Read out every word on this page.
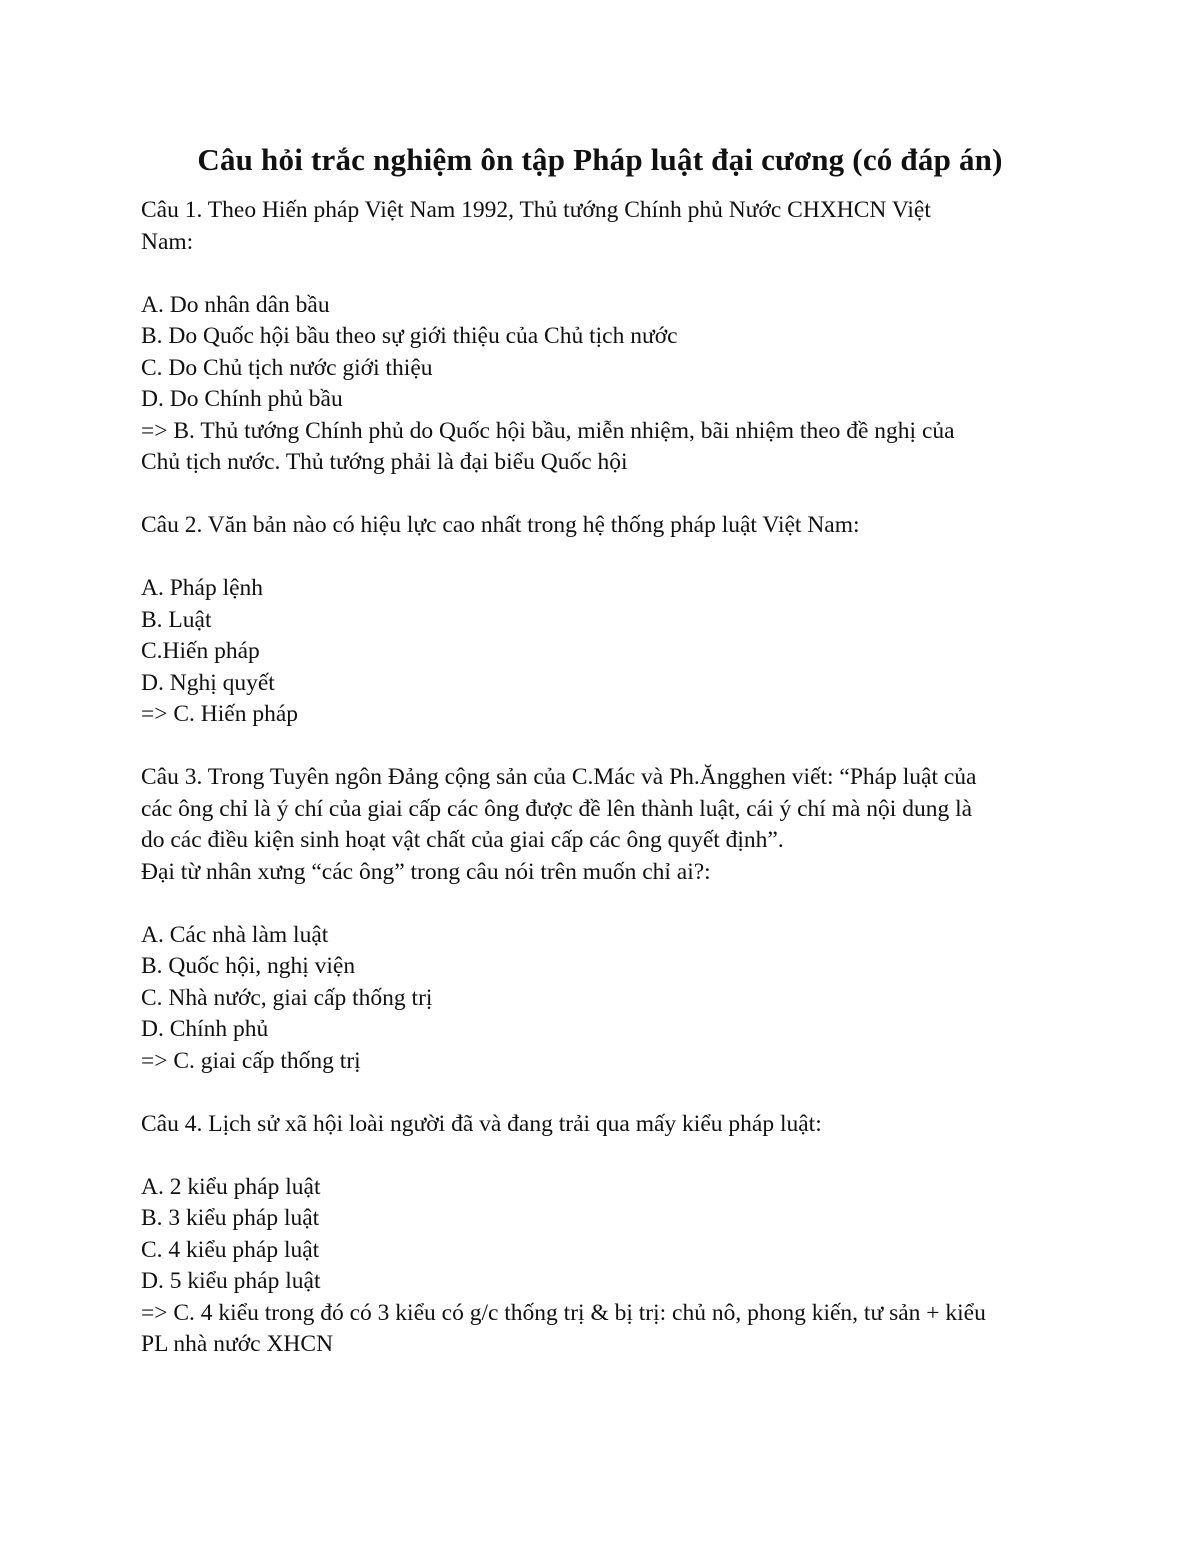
Câu hỏi trắc nghiệm ôn tập Pháp luật đại cương (có đáp án)
Câu 1. Theo Hiến pháp Việt Nam 1992, Thủ tướng Chính phủ Nước CHXHCN Việt
Nam:
A. Do nhân dân bầu
B. Do Quốc hội bầu theo sự giới thiệu của Chủ tịch nước
C. Do Chủ tịch nước giới thiệu
D. Do Chính phủ bầu
=> B. Thủ tướng Chính phủ do Quốc hội bầu, miễn nhiệm, bãi nhiệm theo đề nghị của
Chủ tịch nước. Thủ tướng phải là đại biểu Quốc hội
Câu 2. Văn bản nào có hiệu lực cao nhất trong hệ thống pháp luật Việt Nam:
A. Pháp lệnh
B. Luật
C.Hiến pháp
D. Nghị quyết
=> C. Hiến pháp
Câu 3. Trong Tuyên ngôn Đảng cộng sản của C.Mác và Ph.Ăngghen viết: “Pháp luật của
các ông chỉ là ý chí của giai cấp các ông được đề lên thành luật, cái ý chí mà nội dung là
do các điều kiện sinh hoạt vật chất của giai cấp các ông quyết định”.
Đại từ nhân xưng “các ông” trong câu nói trên muốn chỉ ai?:
A. Các nhà làm luật
B. Quốc hội, nghị viện
C. Nhà nước, giai cấp thống trị
D. Chính phủ
=> C. giai cấp thống trị
Câu 4. Lịch sử xã hội loài người đã và đang trải qua mấy kiểu pháp luật:
A. 2 kiểu pháp luật
B. 3 kiểu pháp luật
C. 4 kiểu pháp luật
D. 5 kiểu pháp luật
=> C. 4 kiểu trong đó có 3 kiểu có g/c thống trị & bị trị: chủ nô, phong kiến, tư sản + kiểu
PL nhà nước XHCN
